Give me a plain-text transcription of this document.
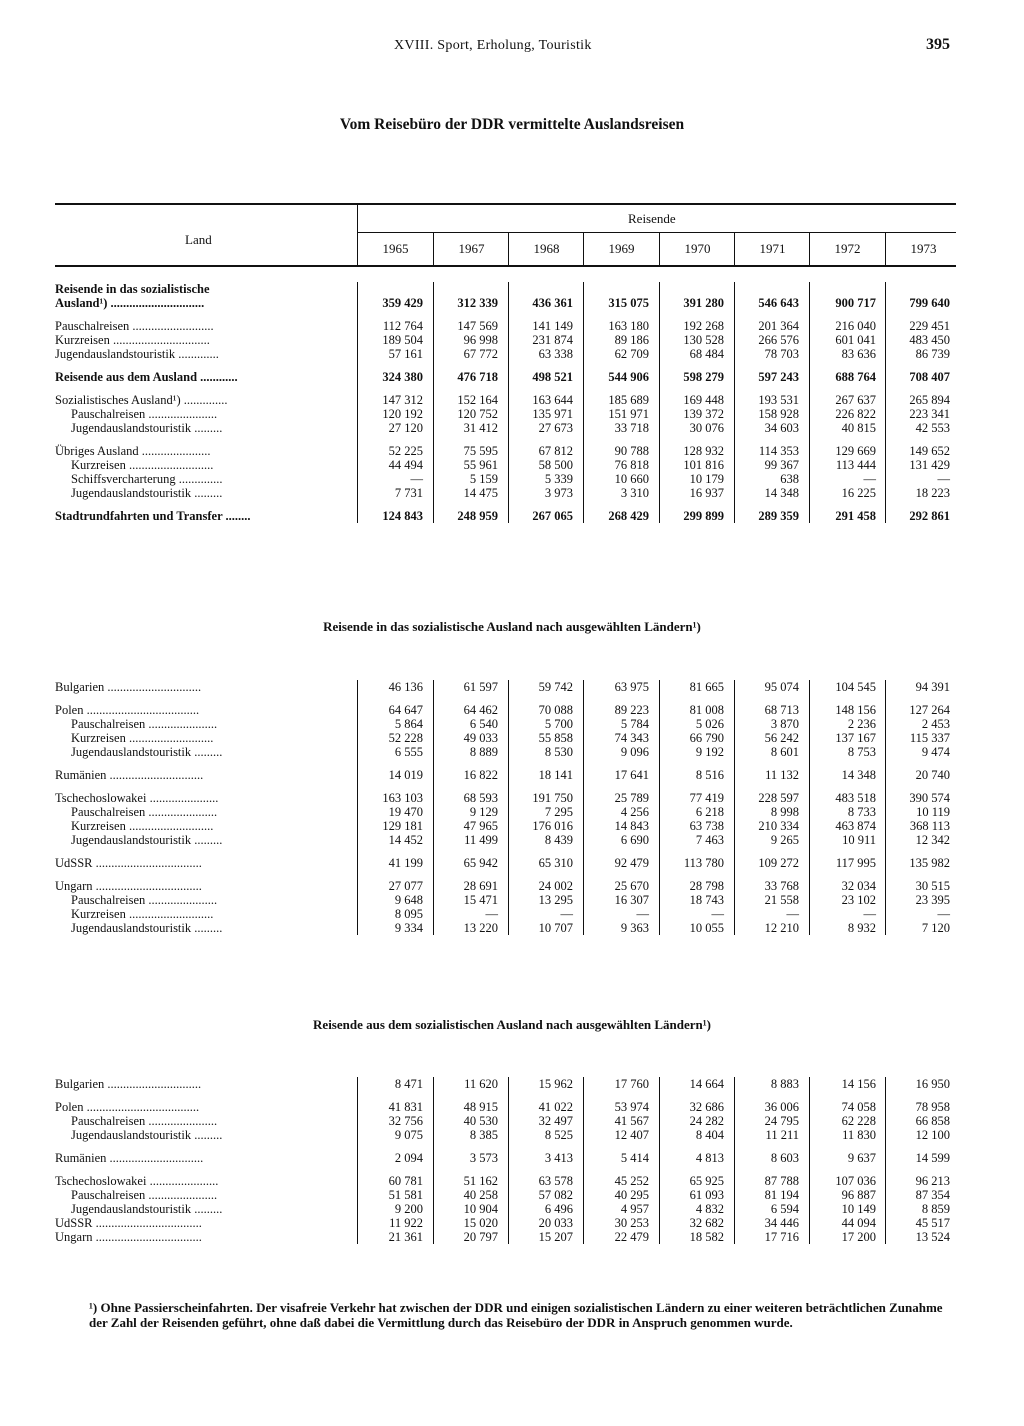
XVIII. Sport, Erholung, Touristik	395
Vom Reisebüro der DDR vermittelte Auslandsreisen
Land
Reisende
1965	1967	1968	1969	1970	1971	1972	1973
Reisende in das sozialistische
Ausland¹) ..............................	359 429	312 339	436 361	315 075	391 280	546 643	900 717	799 640
Pauschalreisen ..........................	112 764	147 569	141 149	163 180	192 268	201 364	216 040	229 451
Kurzreisen ...............................	189 504	96 998	231 874	89 186	130 528	266 576	601 041	483 450
Jugendauslandstouristik .............	57 161	67 772	63 338	62 709	68 484	78 703	83 636	86 739
Reisende aus dem Ausland ............	324 380	476 718	498 521	544 906	598 279	597 243	688 764	708 407
Sozialistisches Ausland¹) ..............	147 312	152 164	163 644	185 689	169 448	193 531	267 637	265 894
Pauschalreisen ......................	120 192	120 752	135 971	151 971	139 372	158 928	226 822	223 341
Jugendauslandstouristik .........	27 120	31 412	27 673	33 718	30 076	34 603	40 815	42 553
Übriges Ausland ......................	52 225	75 595	67 812	90 788	128 932	114 353	129 669	149 652
Kurzreisen ...........................	44 494	55 961	58 500	76 818	101 816	99 367	113 444	131 429
Schiffsvercharterung ..............	—	5 159	5 339	10 660	10 179	638	—	—
Jugendauslandstouristik .........	7 731	14 475	3 973	3 310	16 937	14 348	16 225	18 223
Stadtrundfahrten und Transfer ........	124 843	248 959	267 065	268 429	299 899	289 359	291 458	292 861
Reisende in das sozialistische Ausland nach ausgewählten Ländern¹)
Bulgarien ..............................	46 136	61 597	59 742	63 975	81 665	95 074	104 545	94 391
Polen ....................................	64 647	64 462	70 088	89 223	81 008	68 713	148 156	127 264
Pauschalreisen ......................	5 864	6 540	5 700	5 784	5 026	3 870	2 236	2 453
Kurzreisen ...........................	52 228	49 033	55 858	74 343	66 790	56 242	137 167	115 337
Jugendauslandstouristik .........	6 555	8 889	8 530	9 096	9 192	8 601	8 753	9 474
Rumänien ..............................	14 019	16 822	18 141	17 641	8 516	11 132	14 348	20 740
Tschechoslowakei ......................	163 103	68 593	191 750	25 789	77 419	228 597	483 518	390 574
Pauschalreisen ......................	19 470	9 129	7 295	4 256	6 218	8 998	8 733	10 119
Kurzreisen ...........................	129 181	47 965	176 016	14 843	63 738	210 334	463 874	368 113
Jugendauslandstouristik .........	14 452	11 499	8 439	6 690	7 463	9 265	10 911	12 342
UdSSR ..................................	41 199	65 942	65 310	92 479	113 780	109 272	117 995	135 982
Ungarn ..................................	27 077	28 691	24 002	25 670	28 798	33 768	32 034	30 515
Pauschalreisen ......................	9 648	15 471	13 295	16 307	18 743	21 558	23 102	23 395
Kurzreisen ...........................	8 095	—	—	—	—	—	—	—
Jugendauslandstouristik .........	9 334	13 220	10 707	9 363	10 055	12 210	8 932	7 120
Reisende aus dem sozialistischen Ausland nach ausgewählten Ländern¹)
Bulgarien ..............................	8 471	11 620	15 962	17 760	14 664	8 883	14 156	16 950
Polen ....................................	41 831	48 915	41 022	53 974	32 686	36 006	74 058	78 958
Pauschalreisen ......................	32 756	40 530	32 497	41 567	24 282	24 795	62 228	66 858
Jugendauslandstouristik .........	9 075	8 385	8 525	12 407	8 404	11 211	11 830	12 100
Rumänien ..............................	2 094	3 573	3 413	5 414	4 813	8 603	9 637	14 599
Tschechoslowakei ......................	60 781	51 162	63 578	45 252	65 925	87 788	107 036	96 213
Pauschalreisen ......................	51 581	40 258	57 082	40 295	61 093	81 194	96 887	87 354
Jugendauslandstouristik .........	9 200	10 904	6 496	4 957	4 832	6 594	10 149	8 859
UdSSR ..................................	11 922	15 020	20 033	30 253	32 682	34 446	44 094	45 517
Ungarn ..................................	21 361	20 797	15 207	22 479	18 582	17 716	17 200	13 524
¹) Ohne Passierscheinfahrten. Der visafreie Verkehr hat zwischen der DDR und einigen sozialistischen Ländern zu einer weiteren beträchtlichen Zunahme der Zahl der Reisenden geführt, ohne daß dabei die Vermittlung durch das Reisebüro der DDR in Anspruch genommen wurde.
